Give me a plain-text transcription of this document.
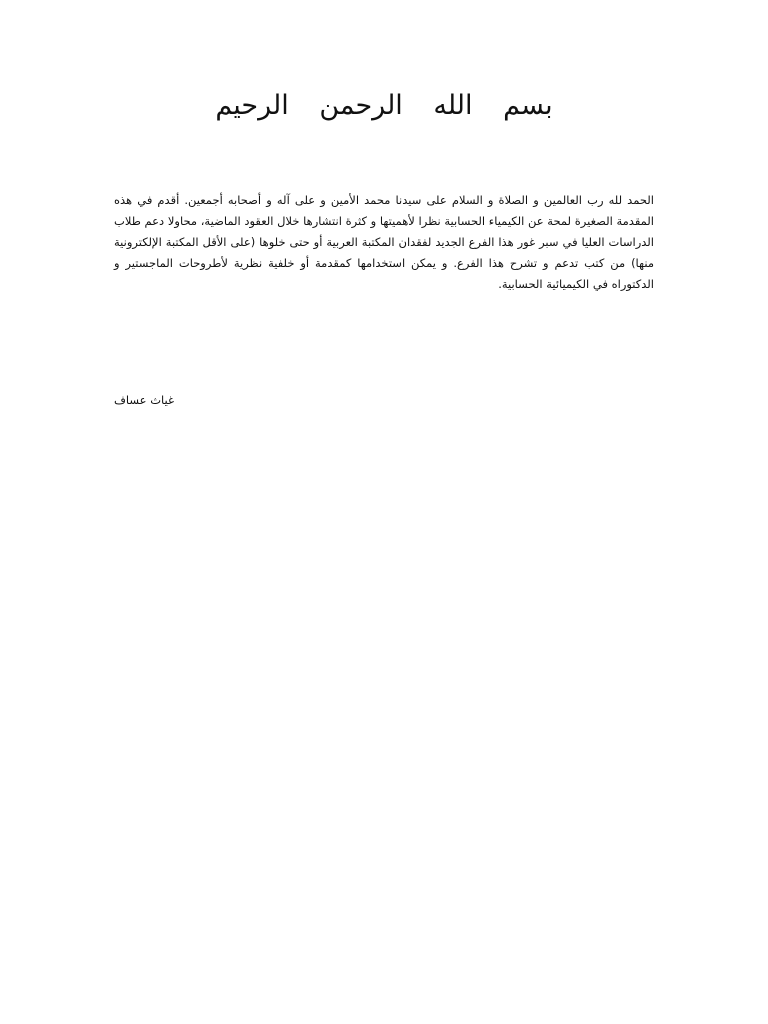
بسم الله الرحمن الرحيم

الحمد لله رب العالمين و الصلاة و السلام على سيدنا محمد الأمين و على آله و أصحابه أجمعين. أقدم في هذه المقدمة الصغيرة لمحة عن الكيمياء الحسابية نظرا لأهميتها و كثرة انتشارها خلال العقود الماضية، محاولا دعم طلاب الدراسات العليا في سبر غور هذا الفرع الجديد لفقدان المكتبة العربية أو حتى خلوها (على الأقل المكتبة الإلكترونية منها) من كتب تدعم و تشرح هذا الفرع. و يمكن استخدامها كمقدمة أو خلفية نظرية لأطروحات الماجستير و الدكتوراه في الكيميائية الحسابية.

غياث عساف
